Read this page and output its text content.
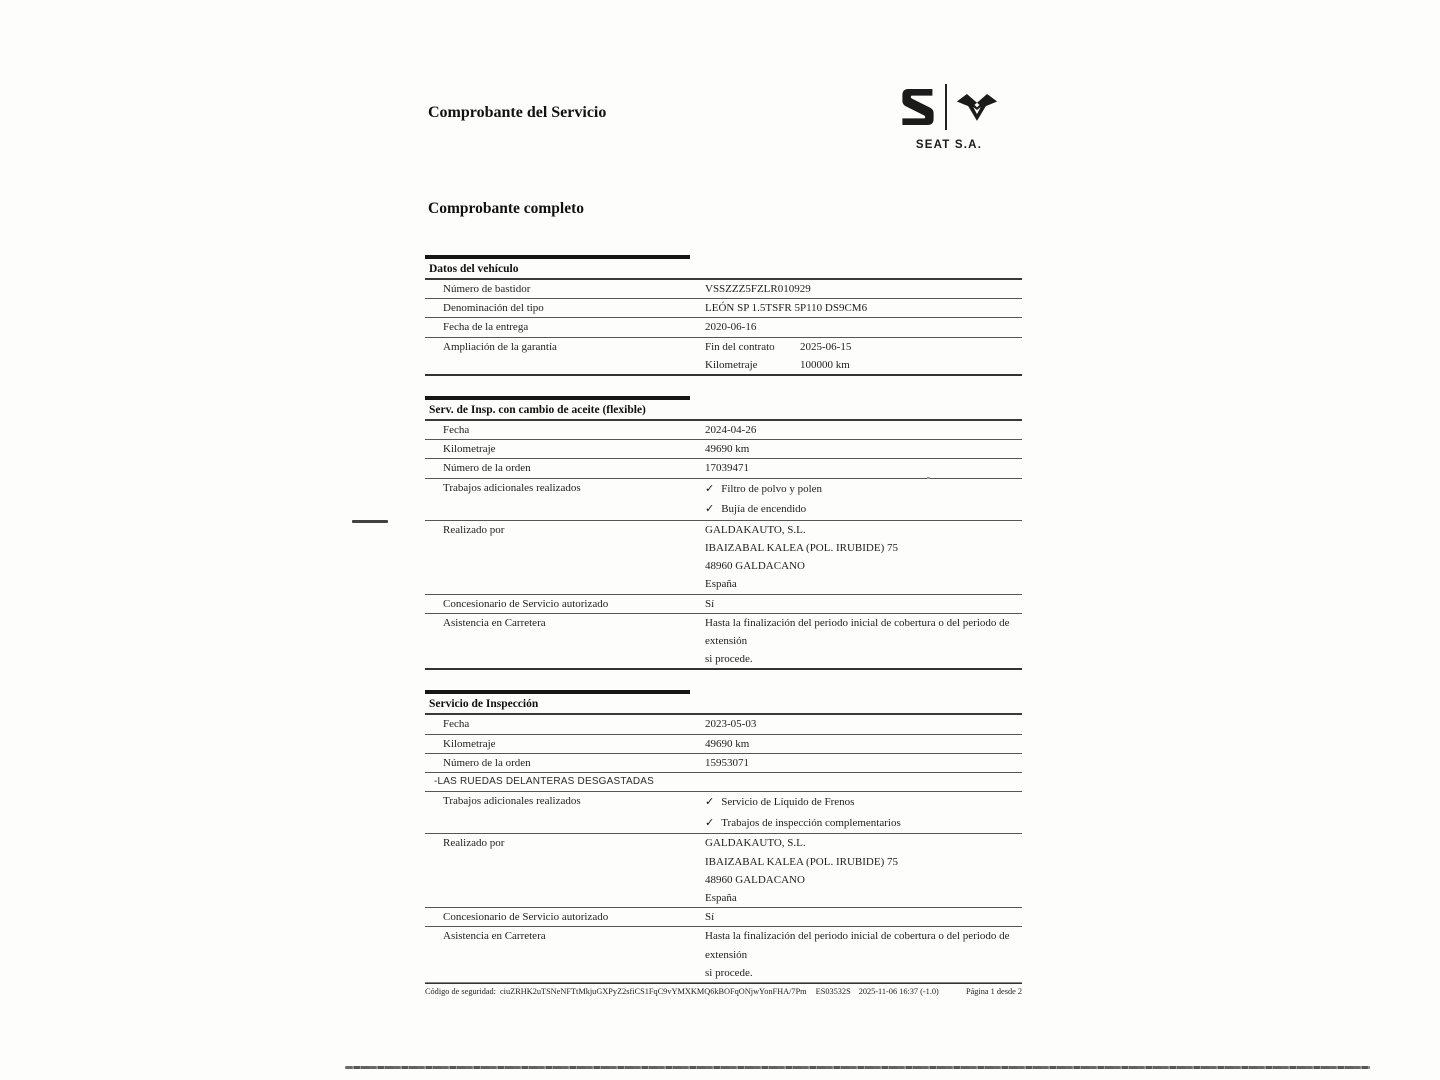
Comprobante del Servicio
SEAT S.A.
Comprobante completo
Datos del vehículo
Número de bastidor	VSSZZZ5FZLR010929
Denominación del tipo	LEÓN SP 1.5TSFR 5P110 DS9CM6
Fecha de la entrega	2020-06-16
Ampliación de la garantía	Fin del contrato	2025-06-15
Kilometraje	100000 km
Serv. de Insp. con cambio de aceite (flexible)
Fecha	2024-04-26
Kilometraje	49690 km
Número de la orden	17039471
Trabajos adicionales realizados	✓ Filtro de polvo y polen
✓ Bujía de encendido
Realizado por	GALDAKAUTO, S.L.
IBAIZABAL KALEA (POL. IRUBIDE) 75
48960 GALDACANO
España
Concesionario de Servicio autorizado	Sí
Asistencia en Carretera	Hasta la finalización del periodo inicial de cobertura o del periodo de extensión
si procede.
Servicio de Inspección
Fecha	2023-05-03
Kilometraje	49690 km
Número de la orden	15953071
-LAS RUEDAS DELANTERAS DESGASTADAS
Trabajos adicionales realizados	✓ Servicio de Líquido de Frenos
✓ Trabajos de inspección complementarios
Realizado por	GALDAKAUTO, S.L.
IBAIZABAL KALEA (POL. IRUBIDE) 75
48960 GALDACANO
España
Concesionario de Servicio autorizado	Sí
Asistencia en Carretera	Hasta la finalización del periodo inicial de cobertura o del periodo de extensión
si procede.
Código de seguridad: ciuZRHK2uTSNeNFTtMkjuGXPyZ2sfiCS1FqC9vYMXKMQ6kBOFqONjwYonFHA/7Pm ES03532S 2025-11-06 16:37 (-1.0)	Página 1 desde 2
